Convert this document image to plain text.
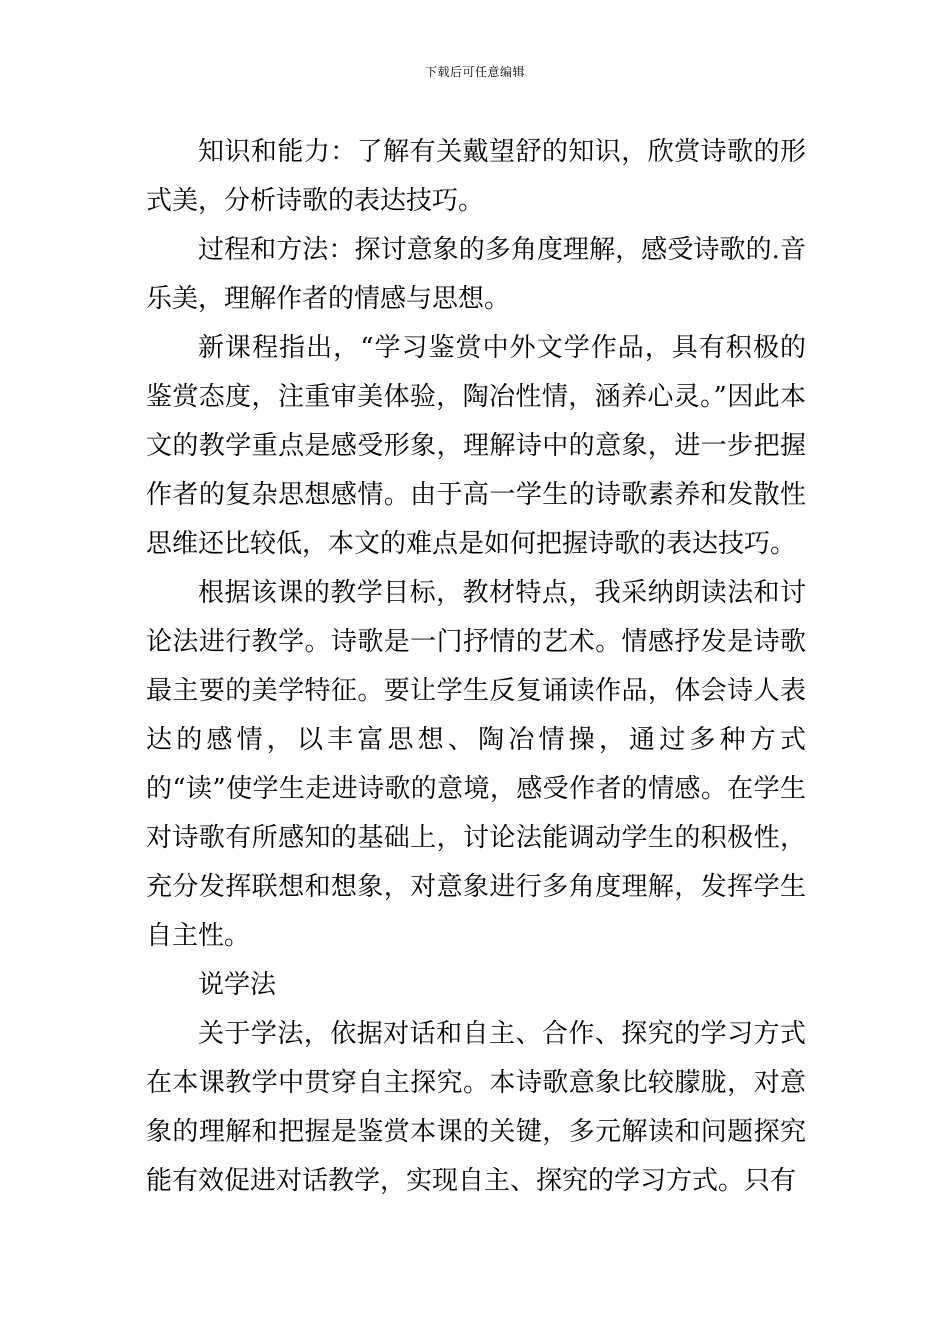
下载后可任意编辑

知识和能力：了解有关戴望舒的知识，欣赏诗歌的形式美，分析诗歌的表达技巧。

过程和方法：探讨意象的多角度理解，感受诗歌的.音乐美，理解作者的情感与思想。

新课程指出，“学习鉴赏中外文学作品，具有积极的鉴赏态度，注重审美体验，陶冶性情，涵养心灵。”因此本文的教学重点是感受形象，理解诗中的意象，进一步把握作者的复杂思想感情。由于高一学生的诗歌素养和发散性思维还比较低，本文的难点是如何把握诗歌的表达技巧。

根据该课的教学目标，教材特点，我采纳朗读法和讨论法进行教学。诗歌是一门抒情的艺术。情感抒发是诗歌最主要的美学特征。要让学生反复诵读作品，体会诗人表达的感情，以丰富思想、陶冶情操，通过多种方式的“读”使学生走进诗歌的意境，感受作者的情感。在学生对诗歌有所感知的基础上，讨论法能调动学生的积极性，充分发挥联想和想象，对意象进行多角度理解，发挥学生自主性。

说学法

关于学法，依据对话和自主、合作、探究的学习方式在本课教学中贯穿自主探究。本诗歌意象比较朦胧，对意象的理解和把握是鉴赏本课的关键，多元解读和问题探究能有效促进对话教学，实现自主、探究的学习方式。只有
